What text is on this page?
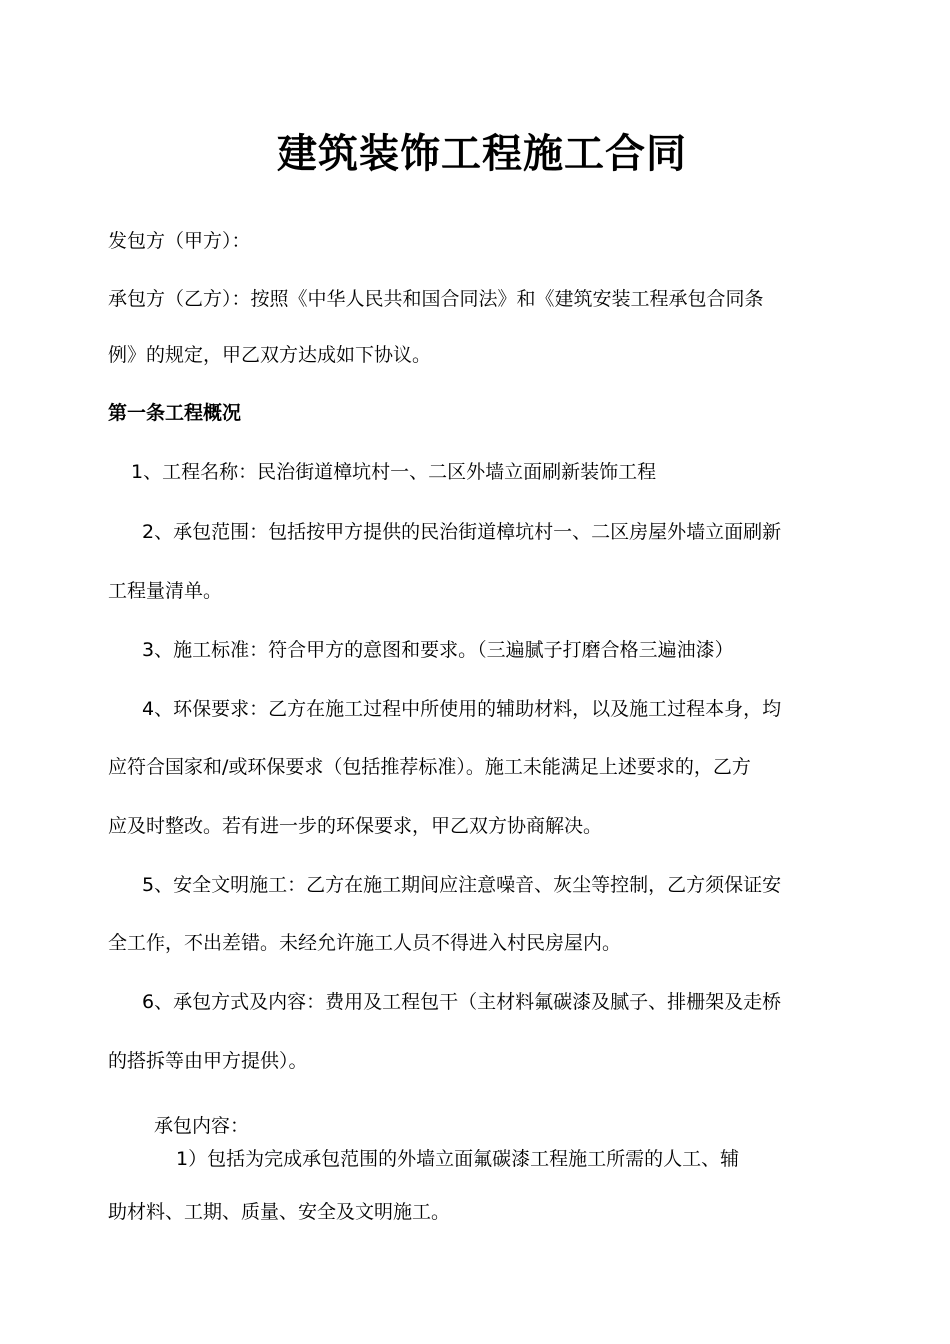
建筑装饰工程施工合同
发包方（甲方）：
承包方（乙方）：按照《中华人民共和国合同法》和《建筑安装工程承包合同条
例》的规定，甲乙双方达成如下协议。
第一条工程概况
1、工程名称：民治街道樟坑村一、二区外墙立面刷新装饰工程
2、承包范围：包括按甲方提供的民治街道樟坑村一、二区房屋外墙立面刷新
工程量清单。
3、施工标准：符合甲方的意图和要求。（三遍腻子打磨合格三遍油漆）
4、环保要求：乙方在施工过程中所使用的辅助材料，以及施工过程本身，均
应符合国家和/或环保要求（包括推荐标准）。施工未能满足上述要求的，乙方
应及时整改。若有进一步的环保要求，甲乙双方协商解决。
5、安全文明施工：乙方在施工期间应注意噪音、灰尘等控制，乙方须保证安
全工作，不出差错。未经允许施工人员不得进入村民房屋内。
6、承包方式及内容：费用及工程包干（主材料氟碳漆及腻子、排栅架及走桥
的搭拆等由甲方提供）。
承包内容：
1）包括为完成承包范围的外墙立面氟碳漆工程施工所需的人工、辅
助材料、工期、质量、安全及文明施工。
